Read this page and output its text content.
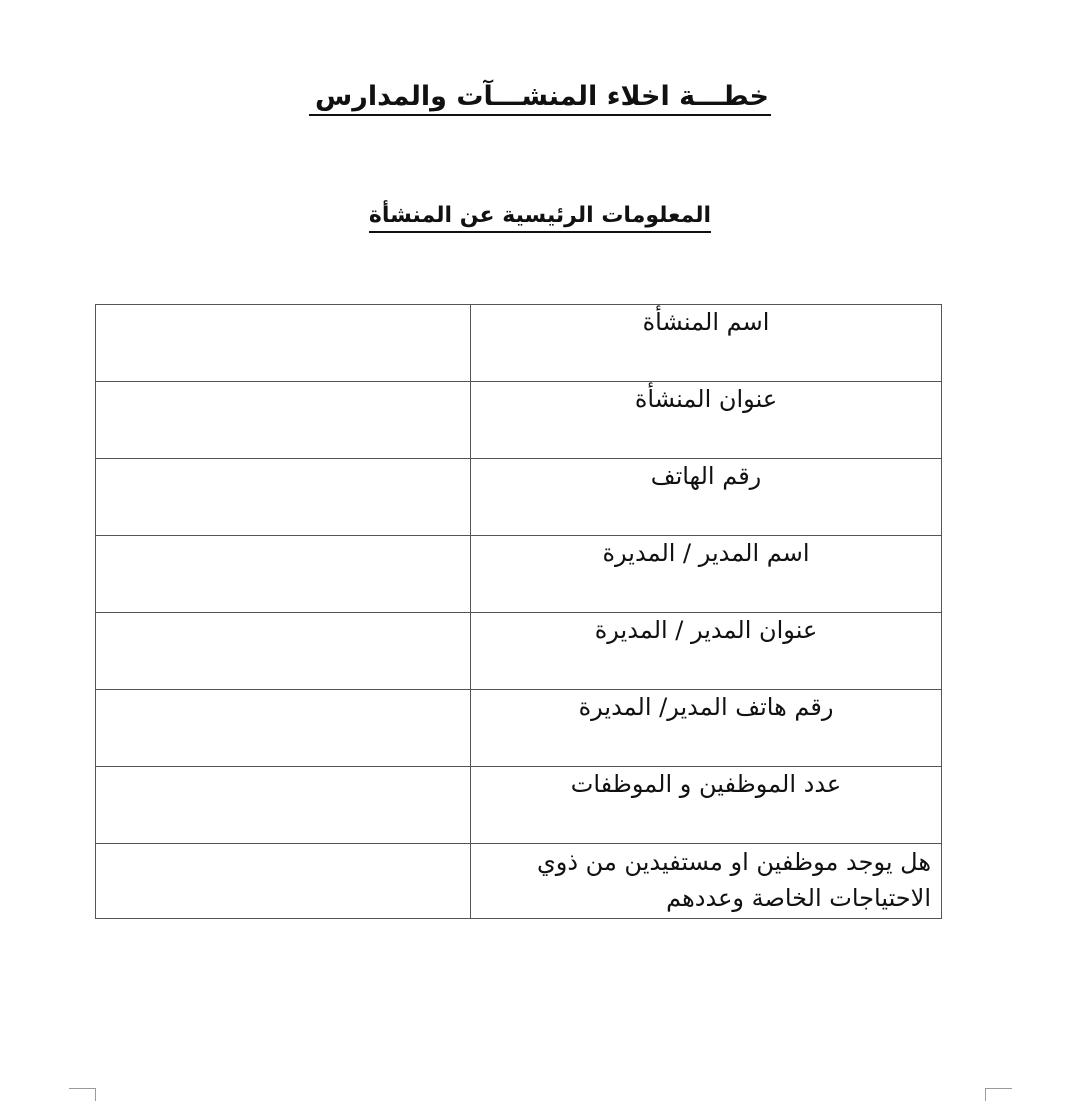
خطـــة اخلاء المنشـــآت والمدارس
المعلومات الرئيسية عن المنشأة
اسم المنشأة	
عنوان المنشأة	
رقم الهاتف	
اسم المدير / المديرة	
عنوان المدير / المديرة	
رقم هاتف المدير/ المديرة	
عدد الموظفين و الموظفات	
هل يوجد موظفين او مستفيدين من ذوي الاحتياجات الخاصة وعددهم	
